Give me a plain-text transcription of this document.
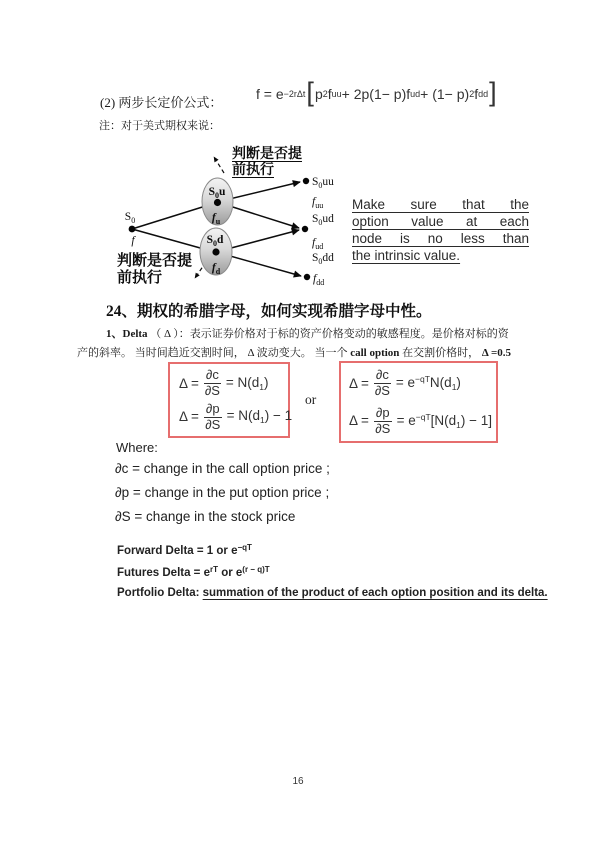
(2) 两步长定价公式：
f = e −2rΔt [ p 2 f uu + 2p(1− p)f ud + (1− p) 2 f dd ]
注：对于美式期权来说：
$S_0$
f
$S_0u$
$f_u$
$S_0d$
$f_d$
$S_0uu$
$f_{uu}$
$S_0ud$
$f_{ud}$
$S_0dd$
$f_{dd}$
判断是否提
前执行
判断是否提
前执行
Make sure that the
option value at each
node is no less than
the intrinsic value.
24、期权的希腊字母，如何实现希腊字母中性。
1、Delta （ Δ ）：表示证券价格对于标的资产价格变动的敏感程度。是价格对标的资
产的斜率。 当时间趋近交割时间， Δ 波动变大。 当一个 call option 在交割价格时， Δ =0.5
$\Delta = \frac{\partial c}{\partial S} = N(d_1)$
$\Delta = \frac{\partial p}{\partial S} = N(d_1) - 1$
or
$\Delta = \frac{\partial c}{\partial S} = e^{-qT}N(d_1)$
$\Delta = \frac{\partial p}{\partial S} = e^{-qT}[N(d_1) - 1]$
Where:
∂c = change in the call option price ;
∂p = change in the put option price ;
∂S = change in the stock price
Forward Delta = 1 or $e^{-qT}$
Futures Delta = $e^{rT}$ or $e^{(r - q)T}$
Portfolio Delta: summation of the product of each option position and its delta.
16
